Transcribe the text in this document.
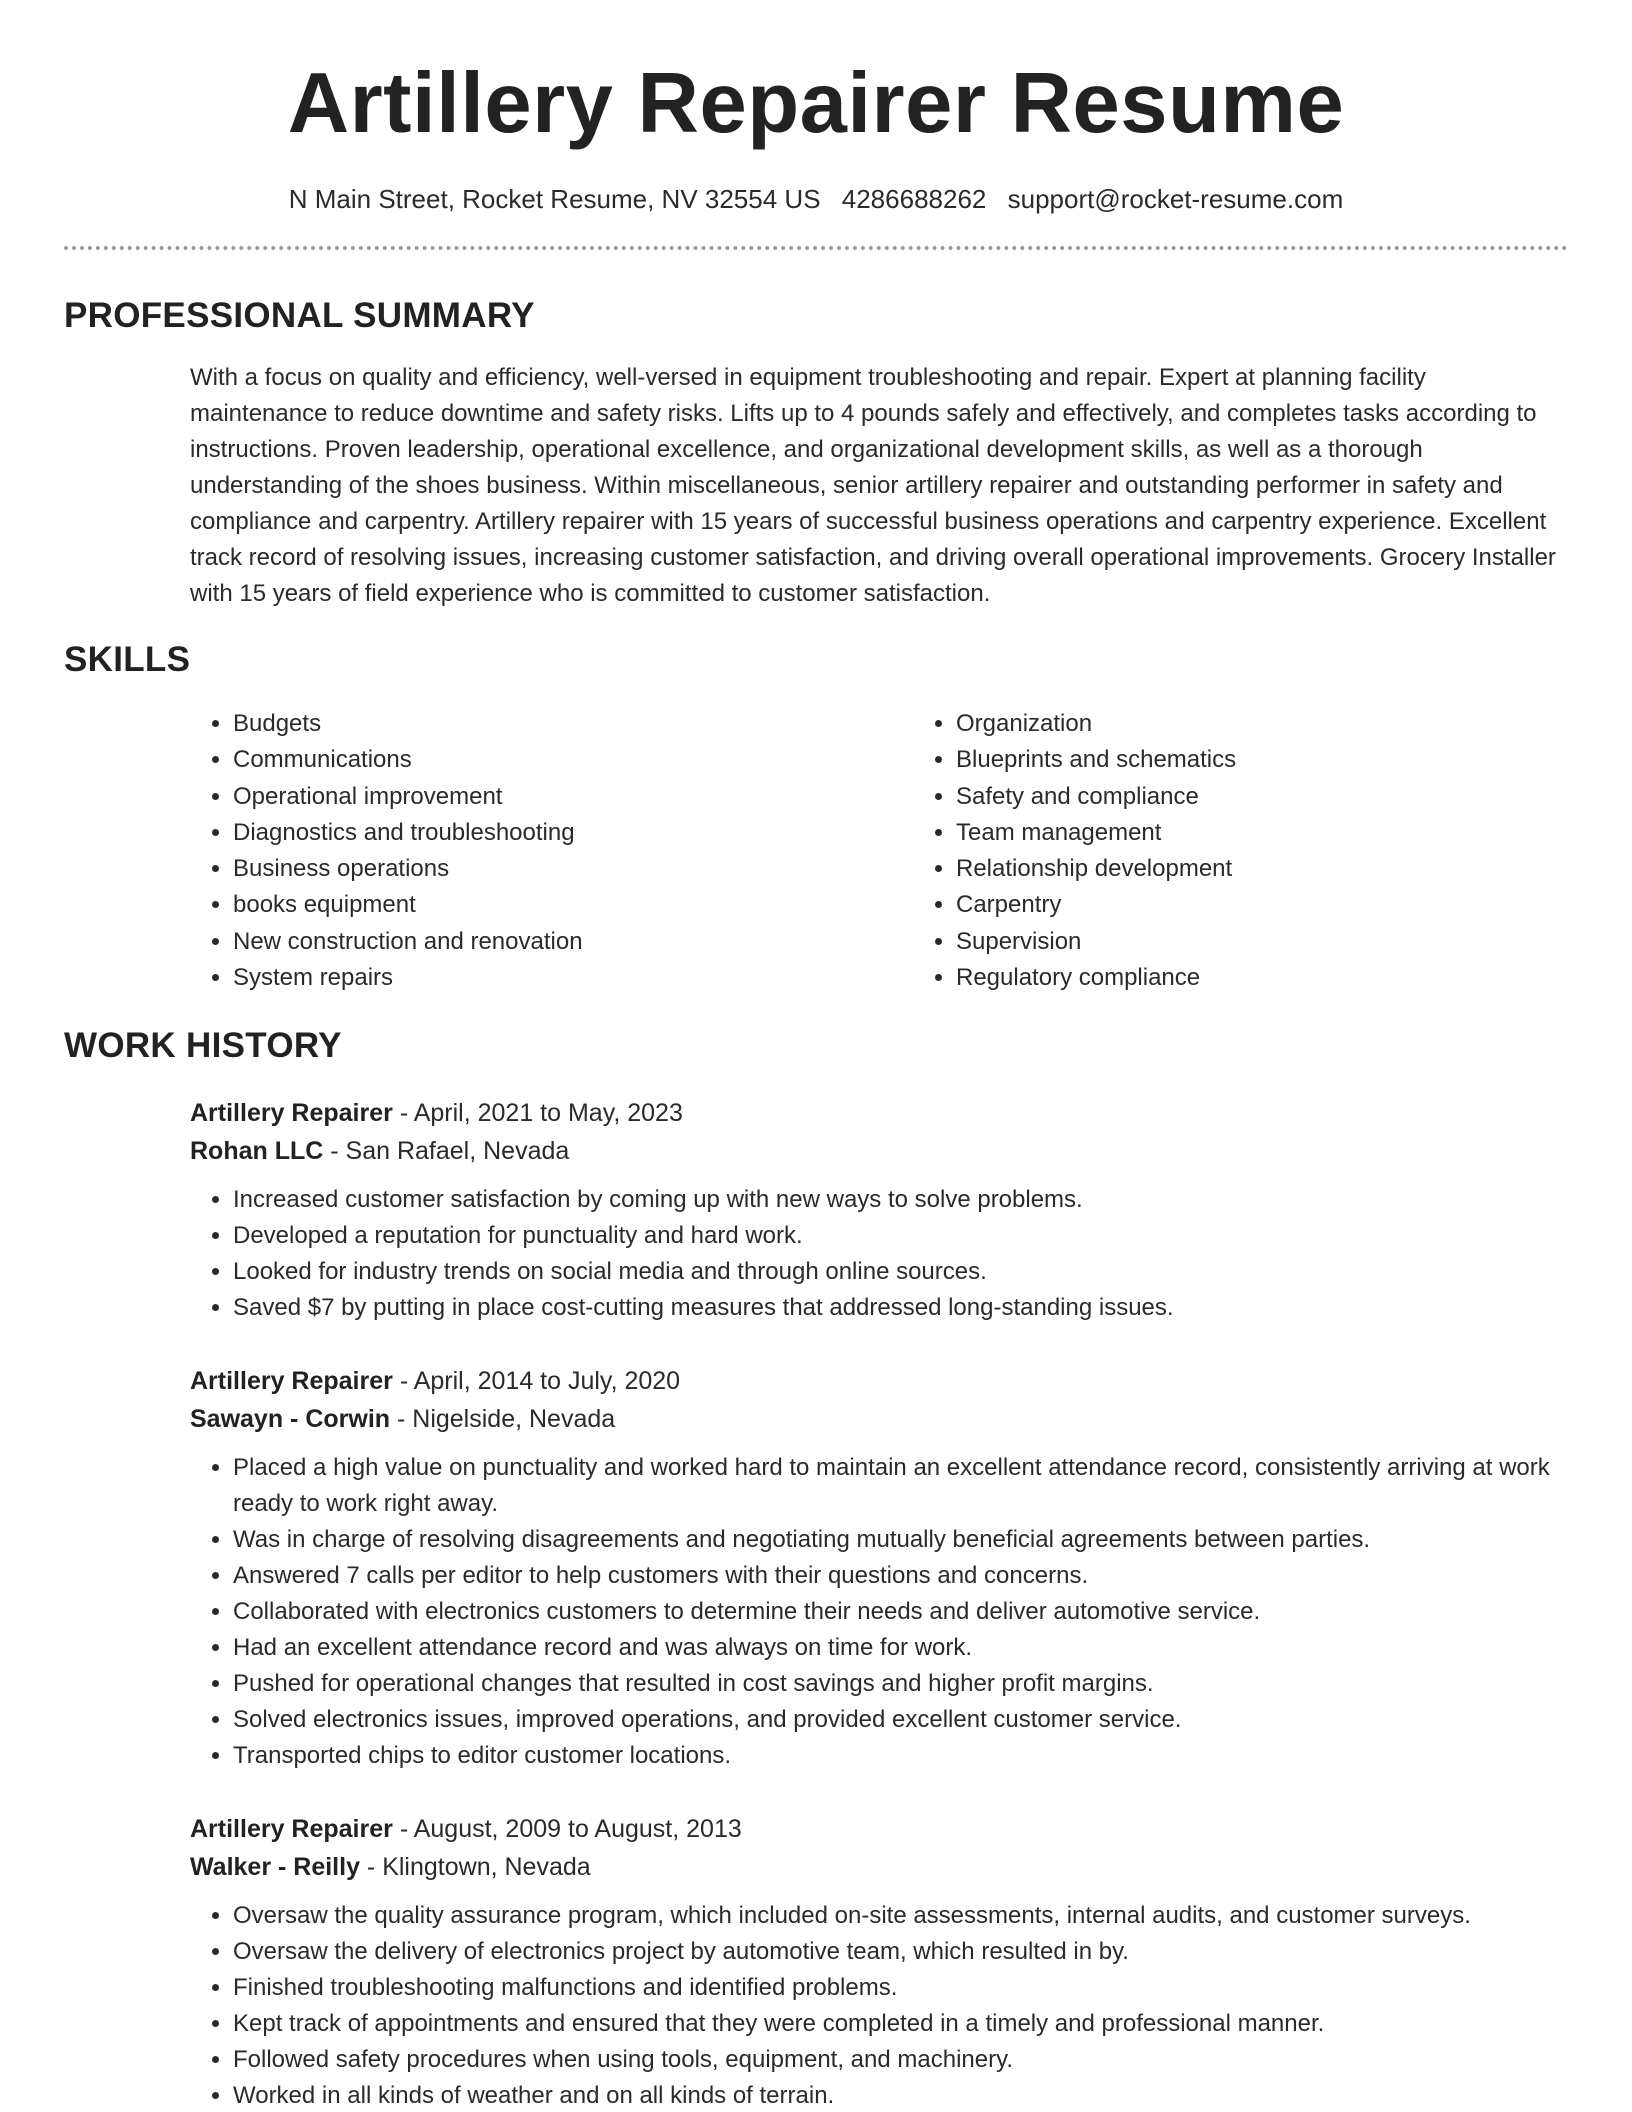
Artillery Repairer Resume
N Main Street, Rocket Resume, NV 32554 US 4286688262 support@rocket-resume.com
PROFESSIONAL SUMMARY

With a focus on quality and efficiency, well-versed in equipment troubleshooting and repair. Expert at planning facility maintenance to reduce downtime and safety risks. Lifts up to 4 pounds safely and effectively, and completes tasks according to instructions. Proven leadership, operational excellence, and organizational development skills, as well as a thorough understanding of the shoes business. Within miscellaneous, senior artillery repairer and outstanding performer in safety and compliance and carpentry. Artillery repairer with 15 years of successful business operations and carpentry experience. Excellent track record of resolving issues, increasing customer satisfaction, and driving overall operational improvements. Grocery Installer with 15 years of field experience who is committed to customer satisfaction.

SKILLS
• Budgets
• Communications
• Operational improvement
• Diagnostics and troubleshooting
• Business operations
• books equipment
• New construction and renovation
• System repairs
• Organization
• Blueprints and schematics
• Safety and compliance
• Team management
• Relationship development
• Carpentry
• Supervision
• Regulatory compliance
WORK HISTORY
Artillery Repairer - April, 2021 to May, 2023
Rohan LLC - San Rafael, Nevada
• Increased customer satisfaction by coming up with new ways to solve problems.
• Developed a reputation for punctuality and hard work.
• Looked for industry trends on social media and through online sources.
• Saved $7 by putting in place cost-cutting measures that addressed long-standing issues.
Artillery Repairer - April, 2014 to July, 2020
Sawayn - Corwin - Nigelside, Nevada
• Placed a high value on punctuality and worked hard to maintain an excellent attendance record, consistently arriving at work ready to work right away.
• Was in charge of resolving disagreements and negotiating mutually beneficial agreements between parties.
• Answered 7 calls per editor to help customers with their questions and concerns.
• Collaborated with electronics customers to determine their needs and deliver automotive service.
• Had an excellent attendance record and was always on time for work.
• Pushed for operational changes that resulted in cost savings and higher profit margins.
• Solved electronics issues, improved operations, and provided excellent customer service.
• Transported chips to editor customer locations.
Artillery Repairer - August, 2009 to August, 2013
Walker - Reilly - Klingtown, Nevada
• Oversaw the quality assurance program, which included on-site assessments, internal audits, and customer surveys.
• Oversaw the delivery of electronics project by automotive team, which resulted in by.
• Finished troubleshooting malfunctions and identified problems.
• Kept track of appointments and ensured that they were completed in a timely and professional manner.
• Followed safety procedures when using tools, equipment, and machinery.
• Worked in all kinds of weather and on all kinds of terrain.
